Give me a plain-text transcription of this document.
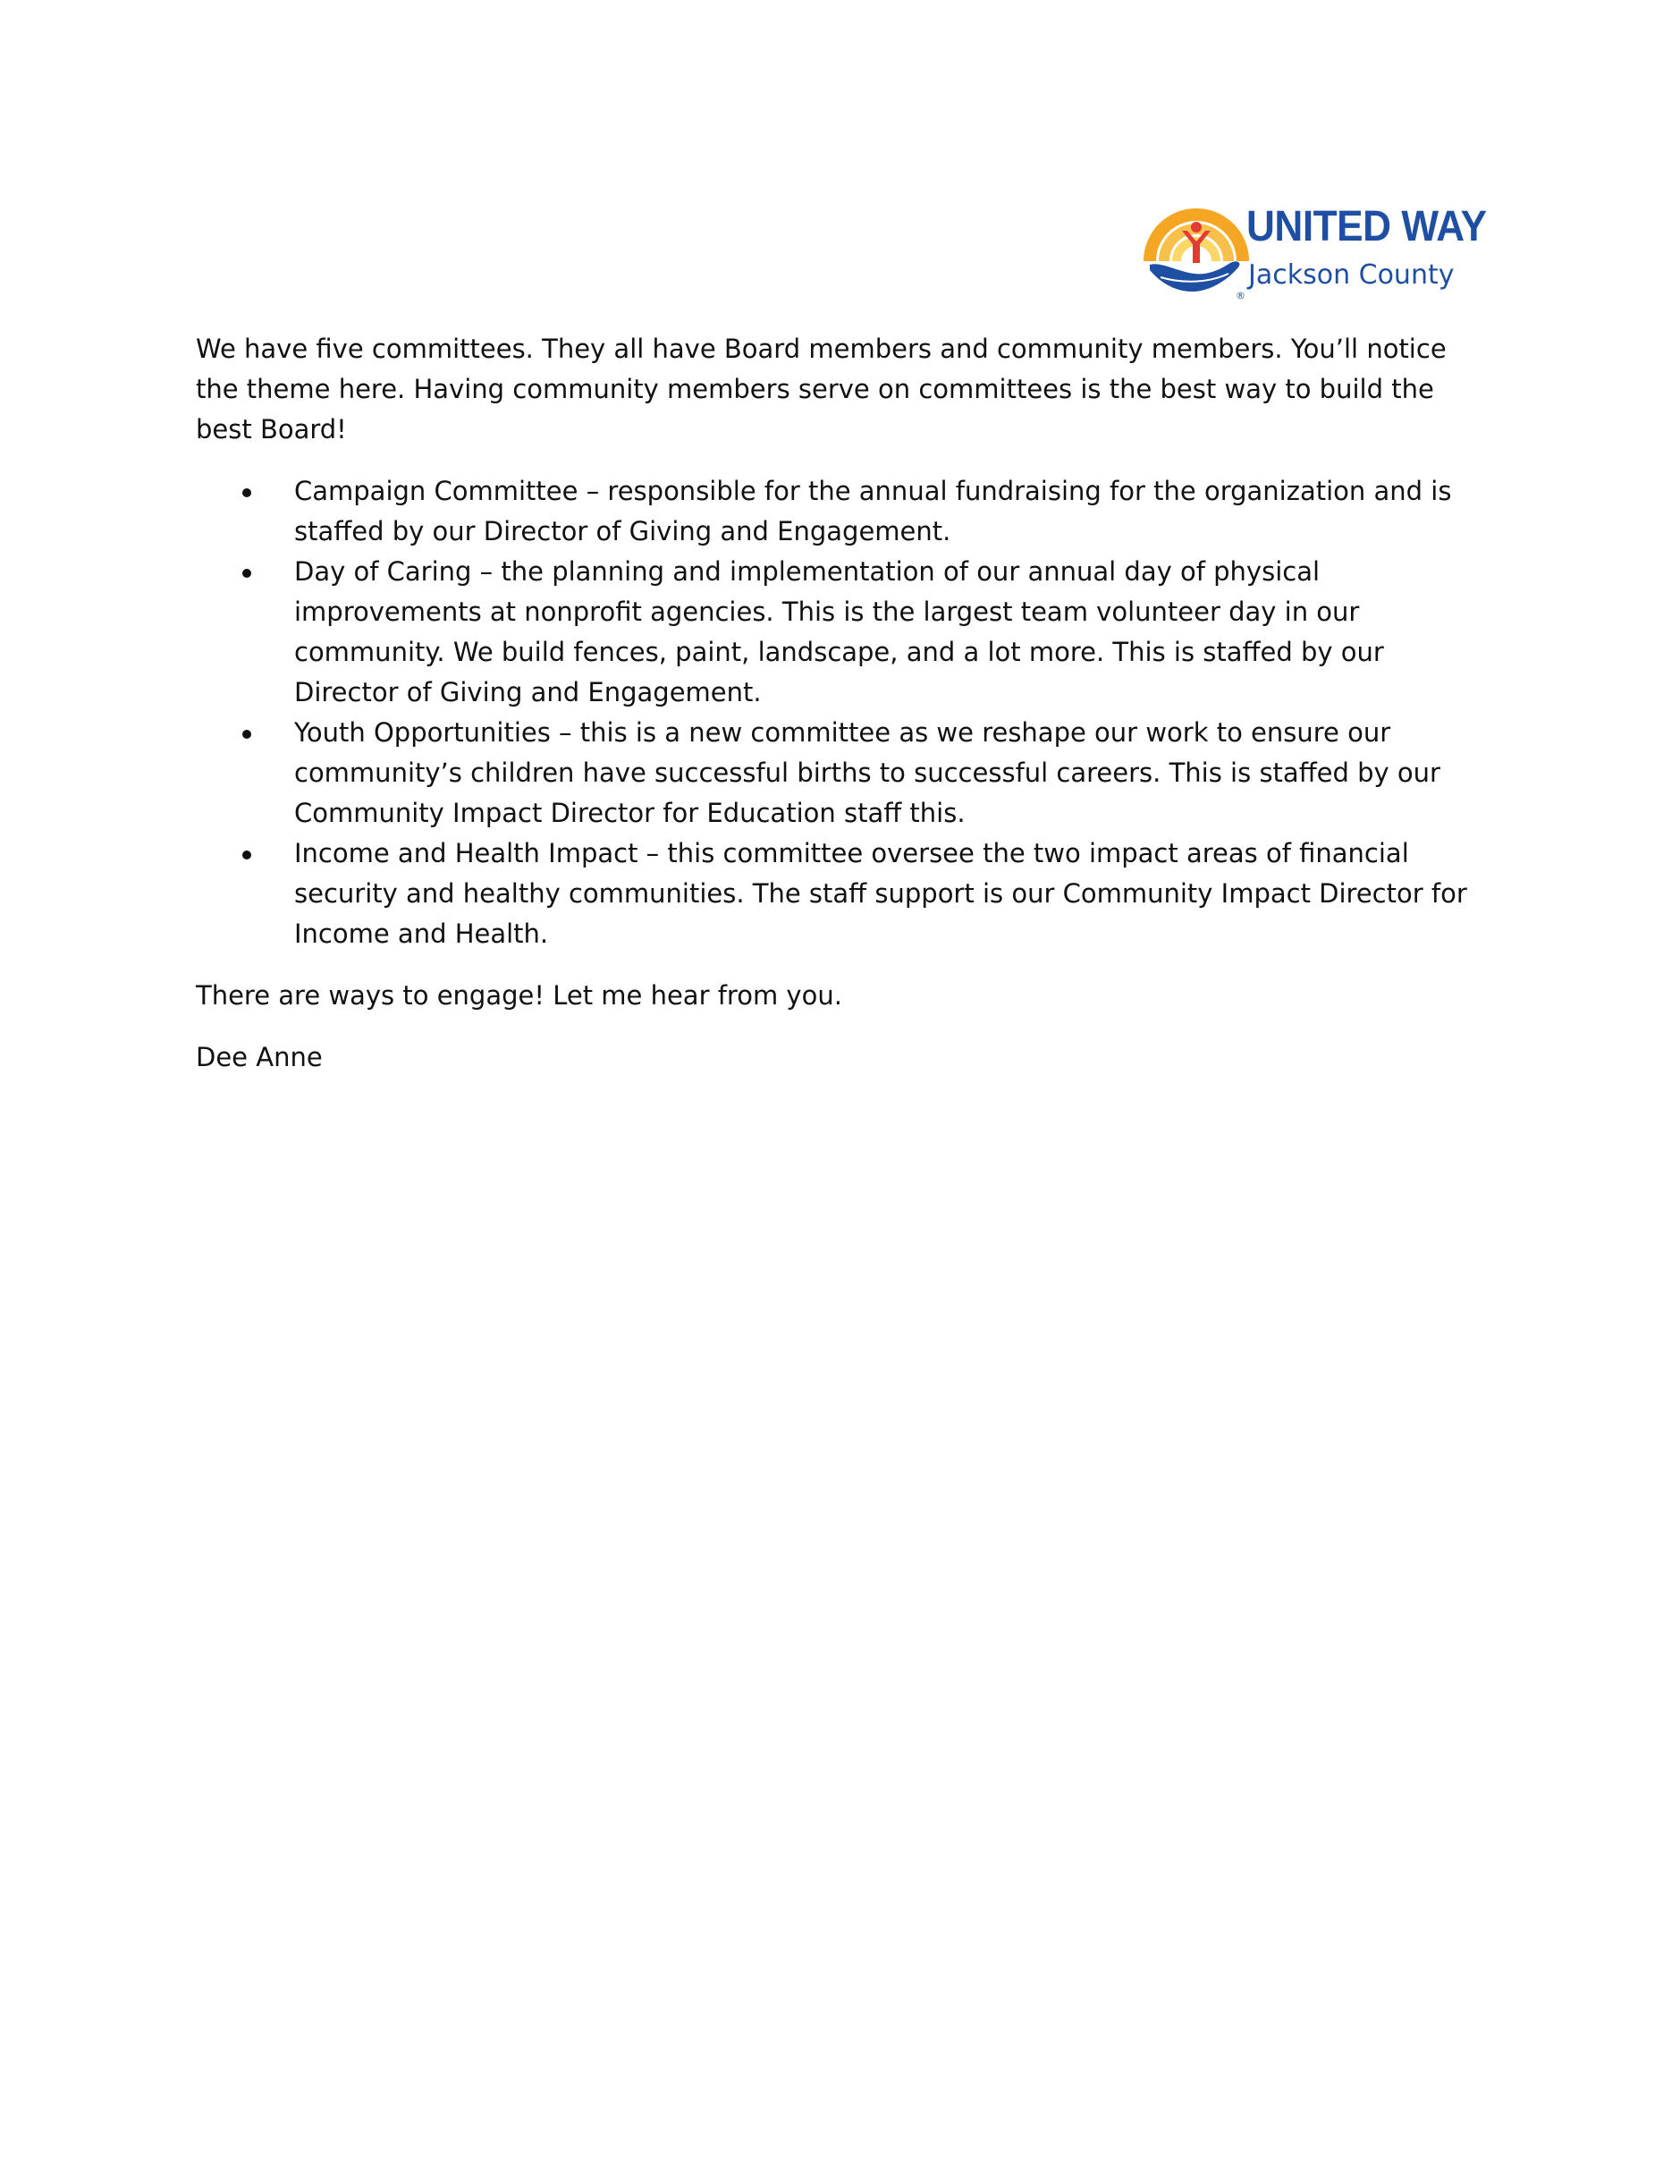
UNITED WAY
Jackson County
®

We have five committees. They all have Board members and community members. You’ll notice the theme here. Having community members serve on committees is the best way to build the best Board!

Campaign Committee – responsible for the annual fundraising for the organization and is staffed by our Director of Giving and Engagement.
Day of Caring – the planning and implementation of our annual day of physical improvements at nonprofit agencies. This is the largest team volunteer day in our community. We build fences, paint, landscape, and a lot more. This is staffed by our Director of Giving and Engagement.
Youth Opportunities – this is a new committee as we reshape our work to ensure our community’s children have successful births to successful careers. This is staffed by our Community Impact Director for Education staff this.
Income and Health Impact – this committee oversee the two impact areas of financial security and healthy communities. The staff support is our Community Impact Director for Income and Health.

There are ways to engage! Let me hear from you.

Dee Anne
